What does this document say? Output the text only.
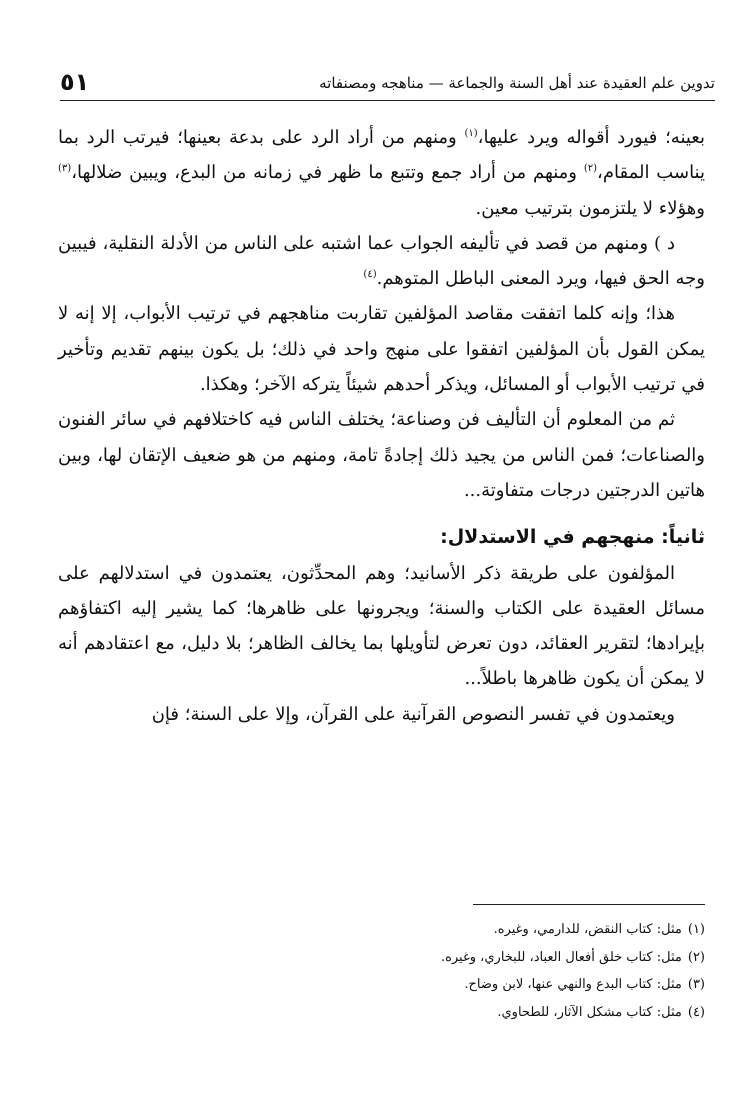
تدوين علم العقيدة عند أهل السنة والجماعة — مناهجه ومصنفاته
٥١

بعينه؛ فيورد أقواله ويرد عليها،$^{(١)}$ ومنهم من أراد الرد على بدعة بعينها؛ فيرتب الرد بما يناسب المقام،$^{(٢)}$ ومنهم من أراد جمع وتتبع ما ظهر في زمانه من البدع، ويبين ضلالها،$^{(٣)}$ وهؤلاء لا يلتزمون بترتيب معين.

د ) ومنهم من قصد في تأليفه الجواب عما اشتبه على الناس من الأدلة النقلية، فيبين وجه الحق فيها، ويرد المعنى الباطل المتوهم.$^{(٤)}$

هذا؛ وإنه كلما اتفقت مقاصد المؤلفين تقاربت مناهجهم في ترتيب الأبواب، إلا إنه لا يمكن القول بأن المؤلفين اتفقوا على منهج واحد في ذلك؛ بل يكون بينهم تقديم وتأخير في ترتيب الأبواب أو المسائل، ويذكر أحدهم شيئاً يتركه الآخر؛ وهكذا.

ثم من المعلوم أن التأليف فن وصناعة؛ يختلف الناس فيه كاختلافهم في سائر الفنون والصناعات؛ فمن الناس من يجيد ذلك إجادةً تامة، ومنهم من هو ضعيف الإتقان لها، وبين هاتين الدرجتين درجات متفاوتة...

ثانياً: منهجهم في الاستدلال:

المؤلفون على طريقة ذكر الأسانيد؛ وهم المحدِّثون، يعتمدون في استدلالهم على مسائل العقيدة على الكتاب والسنة؛ ويجرونها على ظاهرها؛ كما يشير إليه اكتفاؤهم بإيرادها؛ لتقرير العقائد، دون تعرض لتأويلها بما يخالف الظاهر؛ بلا دليل، مع اعتقادهم أنه لا يمكن أن يكون ظاهرها باطلاً...

ويعتمدون في تفسر النصوص القرآنية على القرآن، وإلا على السنة؛ فإن

(١)
مثل: كتاب النقض، للدارمي، وغيره.
(٢)
مثل: كتاب خلق أفعال العباد، للبخاري، وغيره.
(٣)
مثل: كتاب البدع والنهي عنها، لابن وضاح.
(٤)
مثل: كتاب مشكل الآثار، للطحاوي.
